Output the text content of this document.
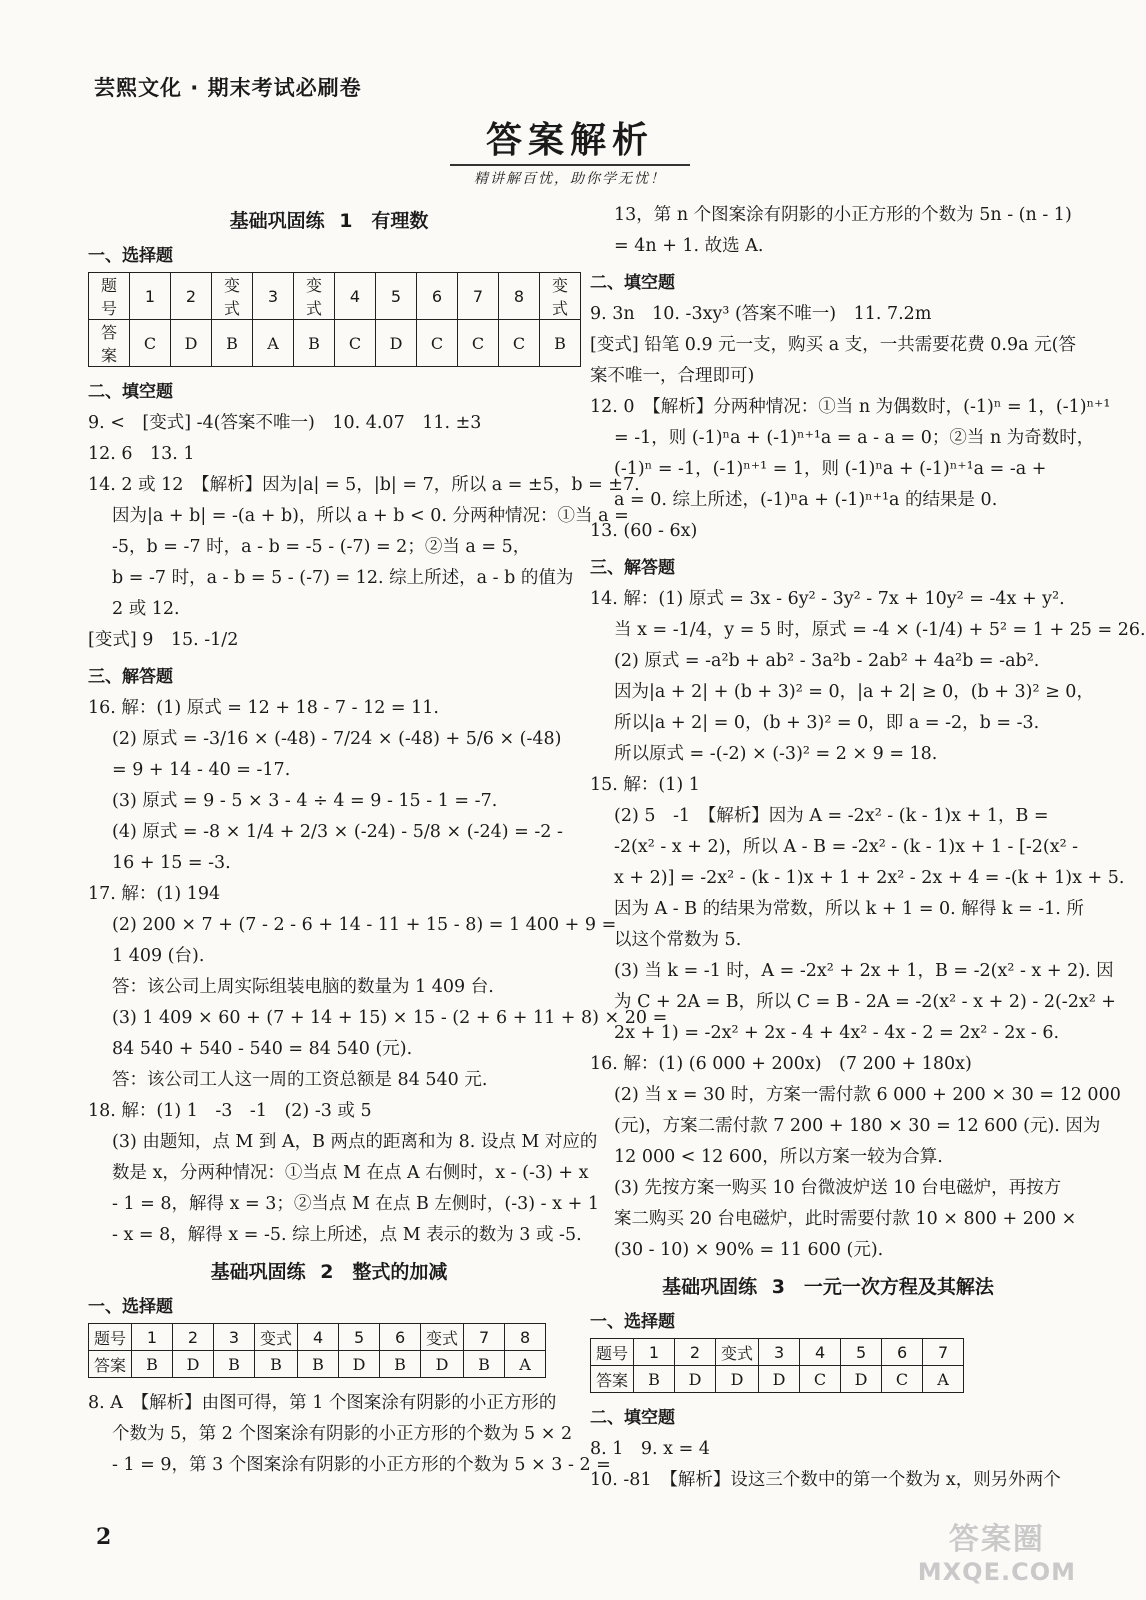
芸熙文化 · 期末考试必刷卷
答案解析
精讲解百忧，助你学无忧！
基础巩固练 1　有理数
一、选择题
题号	1	2	变式	3	变式	4	5	6	7	8	变式
答案	C	D	B	A	B	C	D	C	C	C	B
二、填空题
9. <　[变式] -4(答案不唯一)　10. 4.07　11. ±3
12. 6　13. 1
14. 2 或 12　【解析】因为|a| = 5，|b| = 7，所以 a = ±5，b = ±7.
因为|a + b| = -(a + b)，所以 a + b < 0. 分两种情况：①当 a =
-5，b = -7 时，a - b = -5 - (-7) = 2；②当 a = 5，
b = -7 时，a - b = 5 - (-7) = 12. 综上所述，a - b 的值为
2 或 12.
[变式] 9　15. -1/2
三、解答题
16. 解：(1) 原式 = 12 + 18 - 7 - 12 = 11.
(2) 原式 = -3/16 × (-48) - 7/24 × (-48) + 5/6 × (-48)
= 9 + 14 - 40 = -17.
(3) 原式 = 9 - 5 × 3 - 4 ÷ 4 = 9 - 15 - 1 = -7.
(4) 原式 = -8 × 1/4 + 2/3 × (-24) - 5/8 × (-24) = -2 -
16 + 15 = -3.
17. 解：(1) 194
(2) 200 × 7 + (7 - 2 - 6 + 14 - 11 + 15 - 8) = 1 400 + 9 =
1 409 (台).
答：该公司上周实际组装电脑的数量为 1 409 台.
(3) 1 409 × 60 + (7 + 14 + 15) × 15 - (2 + 6 + 11 + 8) × 20 =
84 540 + 540 - 540 = 84 540 (元).
答：该公司工人这一周的工资总额是 84 540 元.
18. 解：(1) 1　-3　-1　(2) -3 或 5
(3) 由题知，点 M 到 A，B 两点的距离和为 8. 设点 M 对应的
数是 x，分两种情况：①当点 M 在点 A 右侧时，x - (-3) + x
- 1 = 8，解得 x = 3；②当点 M 在点 B 左侧时，(-3) - x + 1
- x = 8，解得 x = -5. 综上所述，点 M 表示的数为 3 或 -5.
基础巩固练 2　整式的加减
一、选择题
题号	1	2	3	变式	4	5	6	变式	7	8
答案	B	D	B	B	B	D	B	D	B	A
8. A　【解析】由图可得，第 1 个图案涂有阴影的小正方形的
个数为 5，第 2 个图案涂有阴影的小正方形的个数为 5 × 2
- 1 = 9，第 3 个图案涂有阴影的小正方形的个数为 5 × 3 - 2 =
13，第 n 个图案涂有阴影的小正方形的个数为 5n - (n - 1)
= 4n + 1. 故选 A.
二、填空题
9. 3n　10. -3xy³ (答案不唯一)　11. 7.2m
[变式] 铅笔 0.9 元一支，购买 a 支，一共需要花费 0.9a 元(答
案不唯一，合理即可)
12. 0　【解析】分两种情况：①当 n 为偶数时，(-1)ⁿ = 1，(-1)ⁿ⁺¹
= -1，则 (-1)ⁿa + (-1)ⁿ⁺¹a = a - a = 0；②当 n 为奇数时，
(-1)ⁿ = -1，(-1)ⁿ⁺¹ = 1，则 (-1)ⁿa + (-1)ⁿ⁺¹a = -a +
a = 0. 综上所述，(-1)ⁿa + (-1)ⁿ⁺¹a 的结果是 0.
13. (60 - 6x)
三、解答题
14. 解：(1) 原式 = 3x - 6y² - 3y² - 7x + 10y² = -4x + y².
当 x = -1/4，y = 5 时，原式 = -4 × (-1/4) + 5² = 1 + 25 = 26.
(2) 原式 = -a²b + ab² - 3a²b - 2ab² + 4a²b = -ab².
因为|a + 2| + (b + 3)² = 0，|a + 2| ≥ 0，(b + 3)² ≥ 0，
所以|a + 2| = 0，(b + 3)² = 0，即 a = -2，b = -3.
所以原式 = -(-2) × (-3)² = 2 × 9 = 18.
15. 解：(1) 1
(2) 5　-1　【解析】因为 A = -2x² - (k - 1)x + 1，B =
-2(x² - x + 2)，所以 A - B = -2x² - (k - 1)x + 1 - [-2(x² -
x + 2)] = -2x² - (k - 1)x + 1 + 2x² - 2x + 4 = -(k + 1)x + 5.
因为 A - B 的结果为常数，所以 k + 1 = 0. 解得 k = -1. 所
以这个常数为 5.
(3) 当 k = -1 时，A = -2x² + 2x + 1，B = -2(x² - x + 2). 因
为 C + 2A = B，所以 C = B - 2A = -2(x² - x + 2) - 2(-2x² +
2x + 1) = -2x² + 2x - 4 + 4x² - 4x - 2 = 2x² - 2x - 6.
16. 解：(1) (6 000 + 200x)　(7 200 + 180x)
(2) 当 x = 30 时，方案一需付款 6 000 + 200 × 30 = 12 000
(元)，方案二需付款 7 200 + 180 × 30 = 12 600 (元). 因为
12 000 < 12 600，所以方案一较为合算.
(3) 先按方案一购买 10 台微波炉送 10 台电磁炉，再按方
案二购买 20 台电磁炉，此时需要付款 10 × 800 + 200 ×
(30 - 10) × 90% = 11 600 (元).
基础巩固练 3　一元一次方程及其解法
一、选择题
题号	1	2	变式	3	4	5	6	7
答案	B	D	D	D	C	D	C	A
二、填空题
8. 1　9. x = 4
10. -81　【解析】设这三个数中的第一个数为 x，则另外两个
2	答案圈
MXQE.COM
